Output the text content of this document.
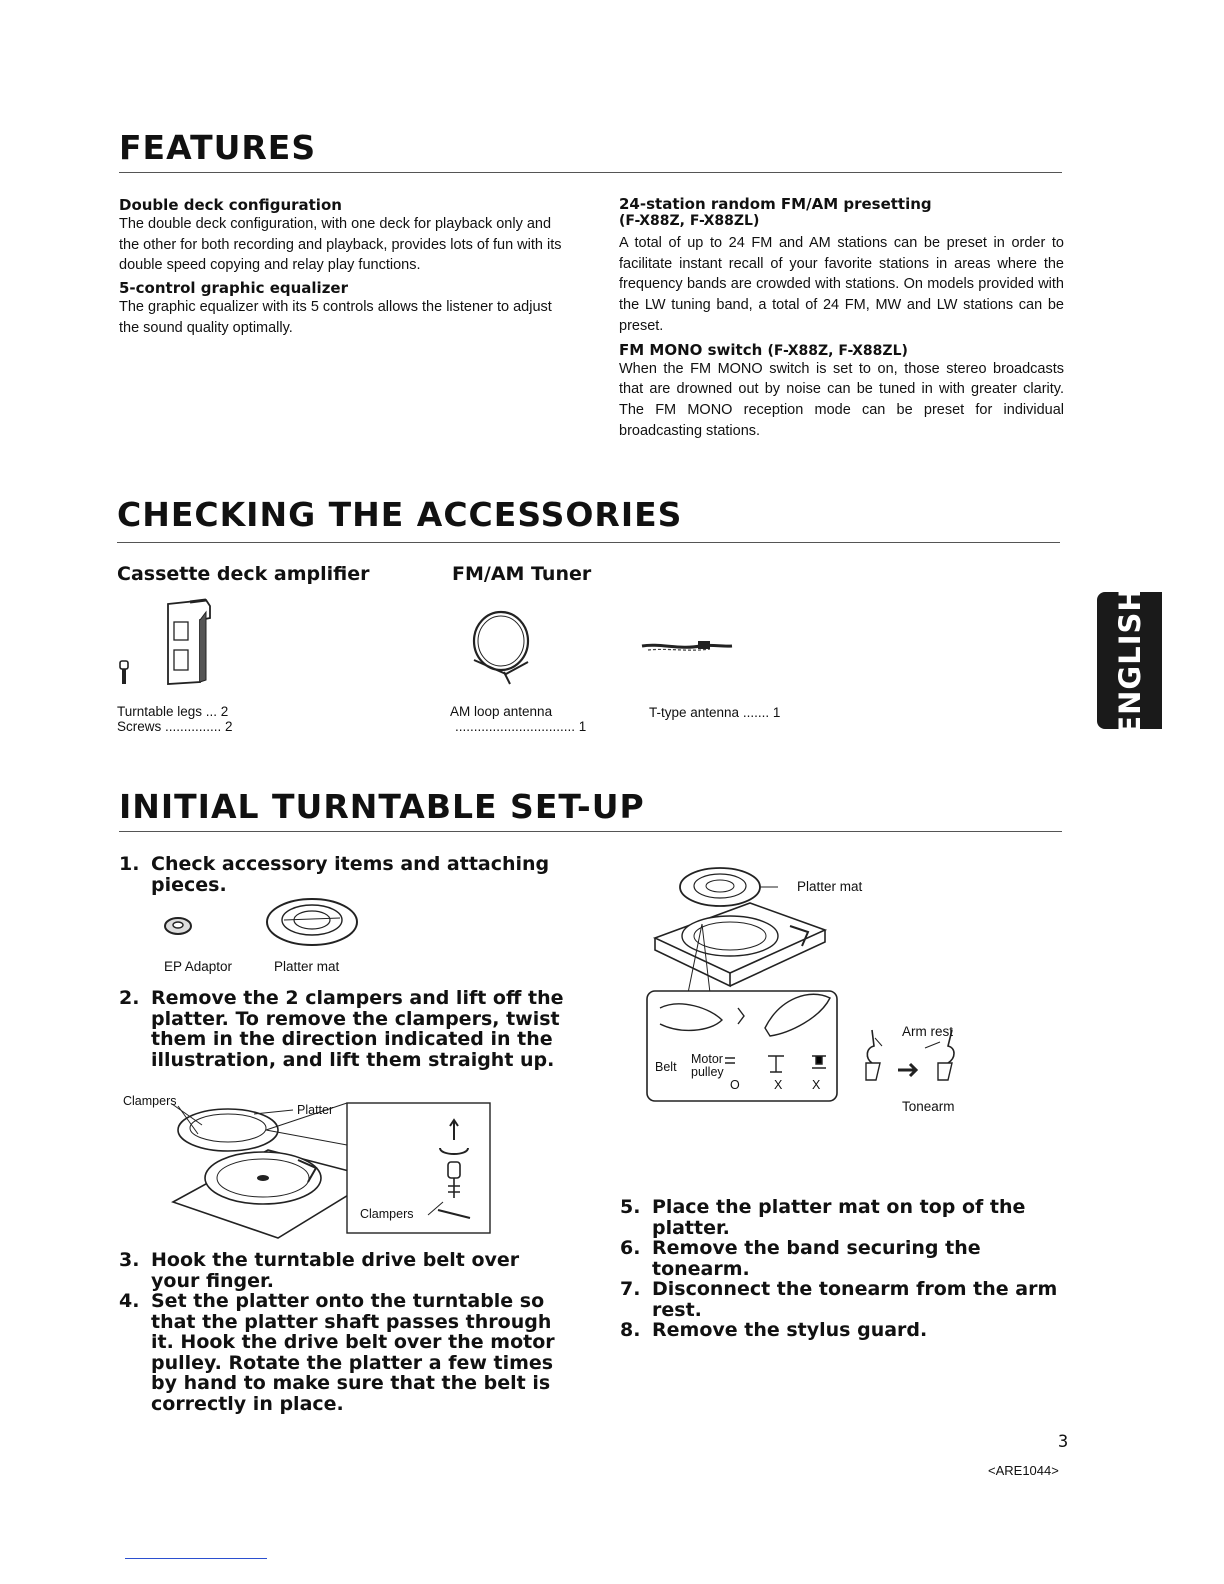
FEATURES

Double deck configuration

The double deck configuration, with one deck for playback only and the other for both recording and playback, provides lots of fun with its double speed copying and relay play functions.

5-control graphic equalizer

The graphic equalizer with its 5 controls allows the listener to adjust the sound quality optimally.

24-station random FM/AM presetting

(F-X88Z, F-X88ZL)

A total of up to 24 FM and AM stations can be preset in order to facilitate instant recall of your favorite stations in areas where the frequency bands are crowded with stations. On models provided with the LW tuning band, a total of 24 FM, MW and LW stations can be preset.

FM MONO switch (F-X88Z, F-X88ZL)

When the FM MONO switch is set to on, those stereo broadcasts that are drowned out by noise can be tuned in with greater clarity. The FM MONO reception mode can be preset for individual broadcasting stations.

CHECKING THE ACCESSORIES
Cassette deck amplifier	FM/AM Tuner
Turntable legs ... 2
Screws ............... 2
AM loop antenna
................................ 1
T-type antenna ....... 1	ENGLISH
INITIAL TURNTABLE SET-UP
1. Check accessory items and attaching pieces.
EP Adaptor	Platter mat
2. Remove the 2 clampers and lift off the platter. To remove the clampers, twist them in the direction indicated in the illustration, and lift them straight up.
Clampers
Platter
Clampers
3. Hook the turntable drive belt over your finger.
4. Set the platter onto the turntable so that the platter shaft passes through it. Hook the drive belt over the motor pulley. Rotate the platter a few times by hand to make sure that the belt is correctly in place.
Platter mat
Arm rest
Tonearm
Belt
Motor
pulley
O	X X
5. Place the platter mat on top of the platter.
6. Remove the band securing the tonearm.
7. Disconnect the tonearm from the arm rest.
8. Remove the stylus guard.
3
<ARE1044>
